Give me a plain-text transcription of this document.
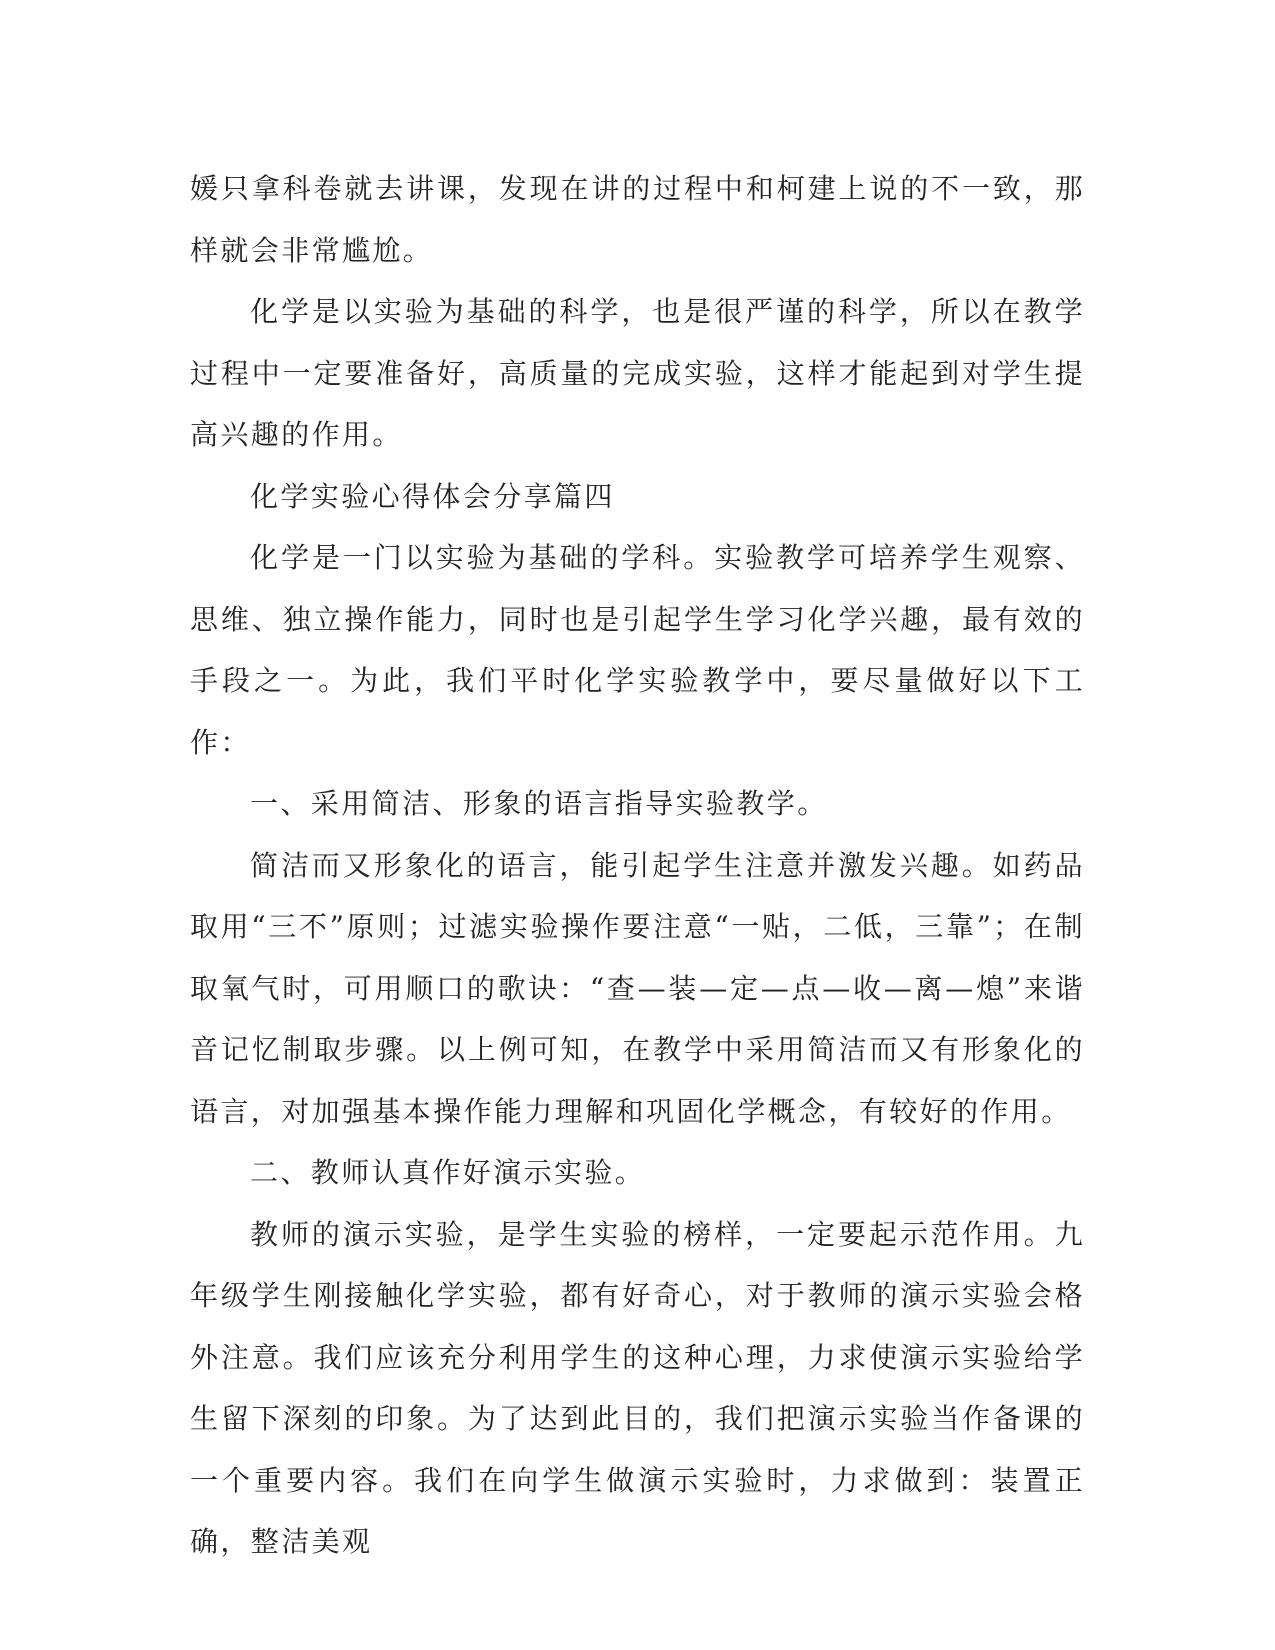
媛只拿科卷就去讲课，发现在讲的过程中和柯建上说的不一致，那样就会非常尴尬。

化学是以实验为基础的科学，也是很严谨的科学，所以在教学过程中一定要准备好，高质量的完成实验，这样才能起到对学生提高兴趣的作用。

化学实验心得体会分享篇四

化学是一门以实验为基础的学科。实验教学可培养学生观察、思维、独立操作能力，同时也是引起学生学习化学兴趣，最有效的手段之一。为此，我们平时化学实验教学中，要尽量做好以下工作：

一、采用简洁、形象的语言指导实验教学。

简洁而又形象化的语言，能引起学生注意并激发兴趣。如药品取用“三不”原则；过滤实验操作要注意“一贴，二低，三靠”；在制取氧气时，可用顺口的歌诀：“查—装—定—点—收—离—熄”来谐音记忆制取步骤。以上例可知，在教学中采用简洁而又有形象化的语言，对加强基本操作能力理解和巩固化学概念，有较好的作用。

二、教师认真作好演示实验。

教师的演示实验，是学生实验的榜样，一定要起示范作用。九年级学生刚接触化学实验，都有好奇心，对于教师的演示实验会格外注意。我们应该充分利用学生的这种心理，力求使演示实验给学生留下深刻的印象。为了达到此目的，我们把演示实验当作备课的一个重要内容。我们在向学生做演示实验时，力求做到：装置正确，整洁美观
